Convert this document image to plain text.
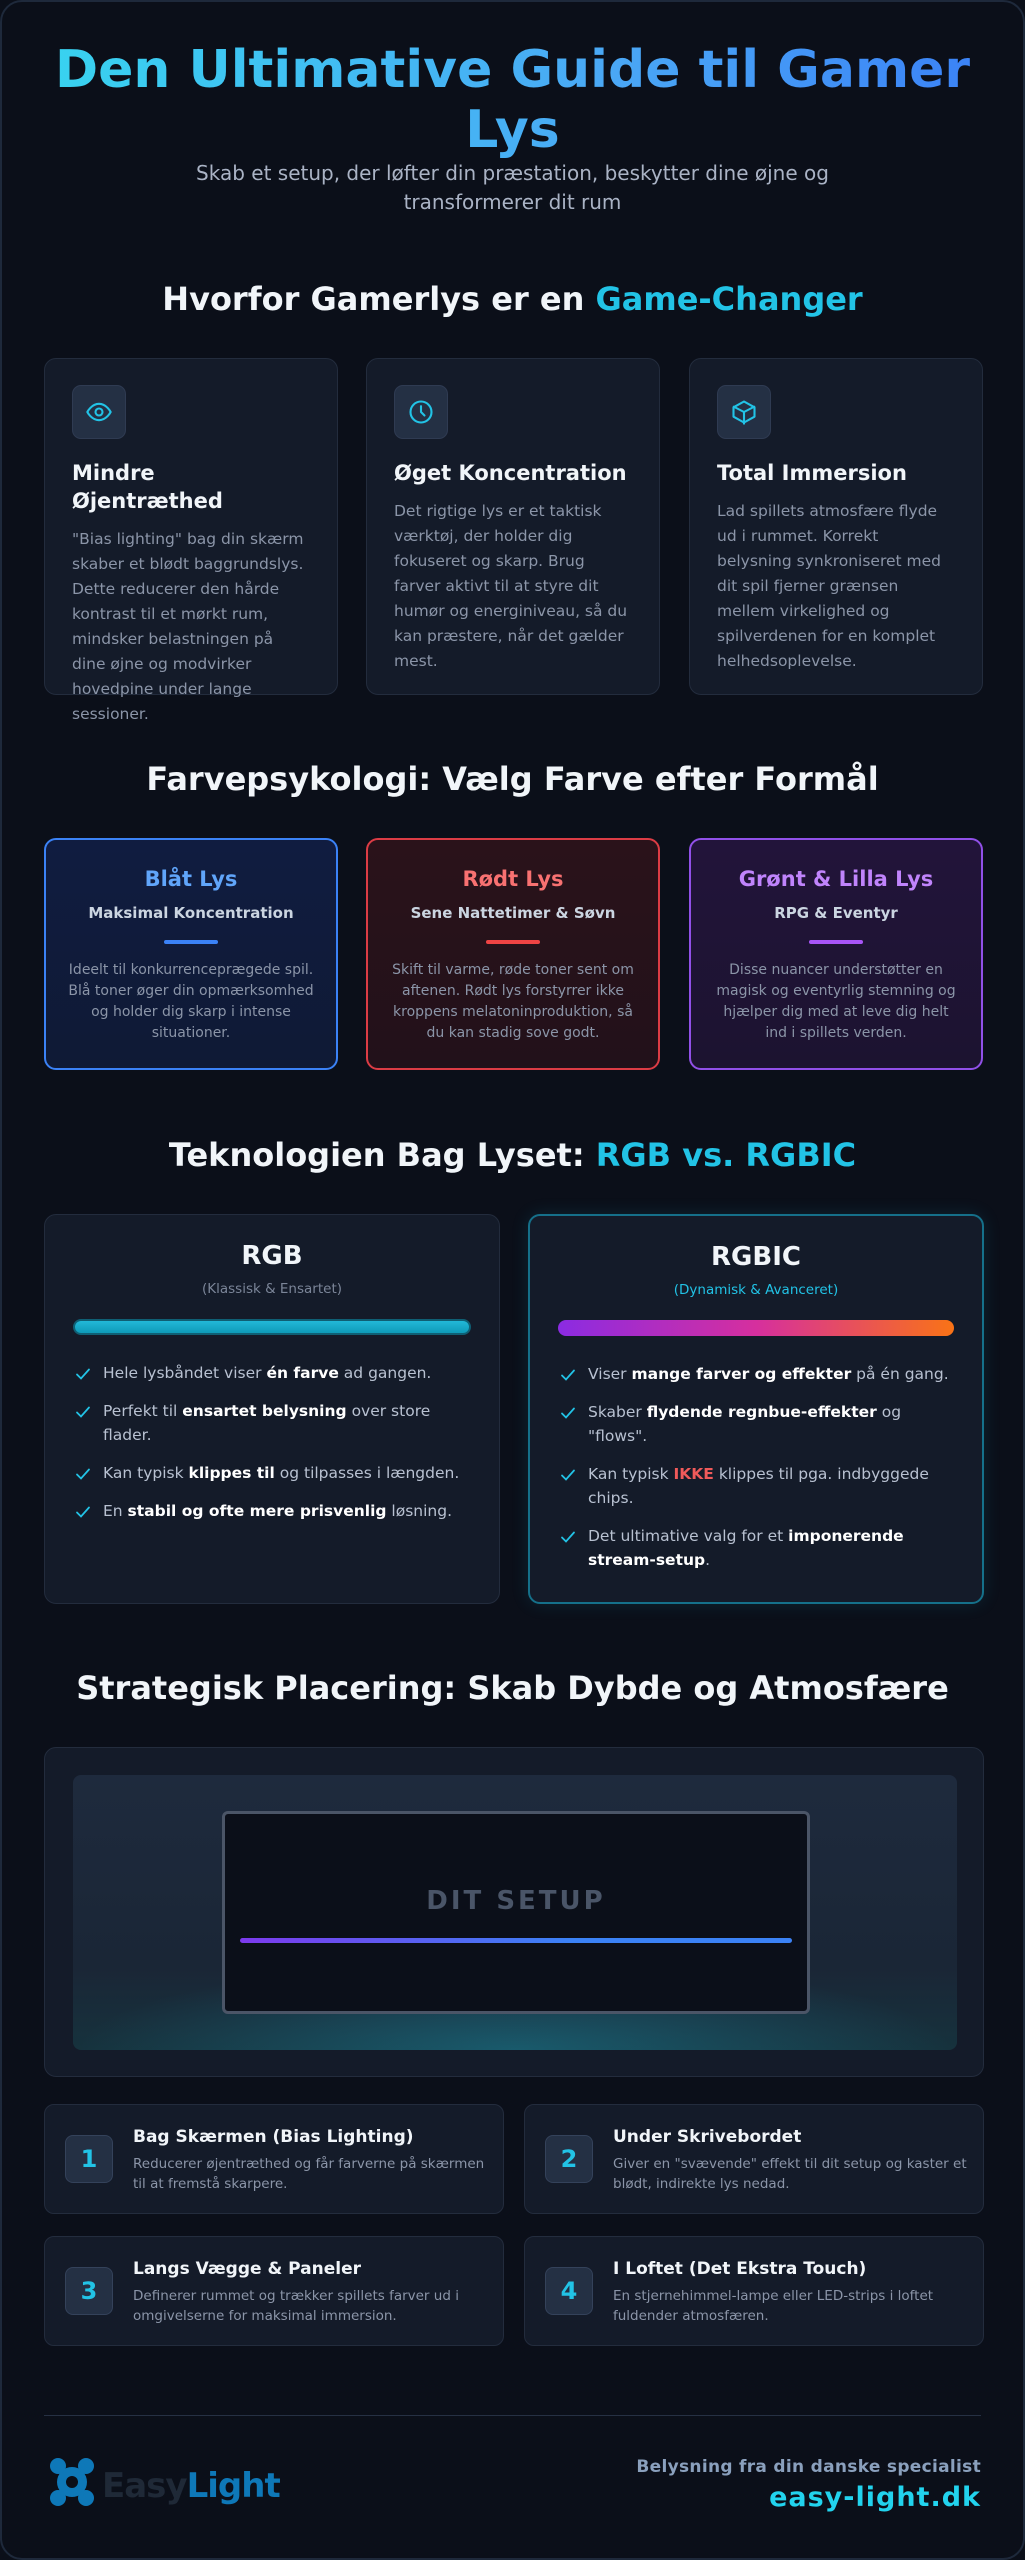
Den Ultimative Guide til Gamer Lys

Skab et setup, der løfter din præstation, beskytter dine øjne og transformerer dit rum

Hvorfor Gamerlys er en Game-Changer
Mindre Øjentræthed

"Bias lighting" bag din skærm skaber et blødt baggrundslys. Dette reducerer den hårde kontrast til et mørkt rum, mindsker belastningen på dine øjne og modvirker hovedpine under lange sessioner.

Øget Koncentration

Det rigtige lys er et taktisk værktøj, der holder dig fokuseret og skarp. Brug farver aktivt til at styre dit humør og energiniveau, så du kan præstere, når det gælder mest.

Total Immersion

Lad spillets atmosfære flyde ud i rummet. Korrekt belysning synkroniseret med dit spil fjerner grænsen mellem virkelighed og spilverdenen for en komplet helhedsoplevelse.

Farvepsykologi: Vælg Farve efter Formål
Blåt Lys
Maksimal Koncentration

Ideelt til konkurrenceprægede spil. Blå toner øger din opmærksomhed og holder dig skarp i intense situationer.

Rødt Lys
Sene Nattetimer & Søvn

Skift til varme, røde toner sent om aftenen. Rødt lys forstyrrer ikke kroppens melatoninproduktion, så du kan stadig sove godt.

Grønt & Lilla Lys
RPG & Eventyr

Disse nuancer understøtter en magisk og eventyrlig stemning og hjælper dig med at leve dig helt ind i spillets verden.

Teknologien Bag Lyset: RGB vs. RGBIC
RGB
(Klassisk & Ensartet)
Hele lysbåndet viser én farve ad gangen.
Perfekt til ensartet belysning over store flader.
Kan typisk klippes til og tilpasses i længden.
En stabil og ofte mere prisvenlig løsning.
RGBIC
(Dynamisk & Avanceret)
Viser mange farver og effekter på én gang.
Skaber flydende regnbue-effekter og "flows".
Kan typisk IKKE klippes til pga. indbyggede chips.
Det ultimative valg for et imponerende stream-setup.
Strategisk Placering: Skab Dybde og Atmosfære
DIT SETUP
1
Bag Skærmen (Bias Lighting)

Reducerer øjentræthed og får farverne på skærmen til at fremstå skarpere.

2
Under Skrivebordet

Giver en "svævende" effekt til dit setup og kaster et blødt, indirekte lys nedad.

3
Langs Vægge & Paneler

Definerer rummet og trækker spillets farver ud i omgivelserne for maksimal immersion.

4
I Loftet (Det Ekstra Touch)

En stjernehimmel-lampe eller LED-strips i loftet fuldender atmosfæren.

EasyLight	Belysning fra din danske specialist
easy-light.dk
